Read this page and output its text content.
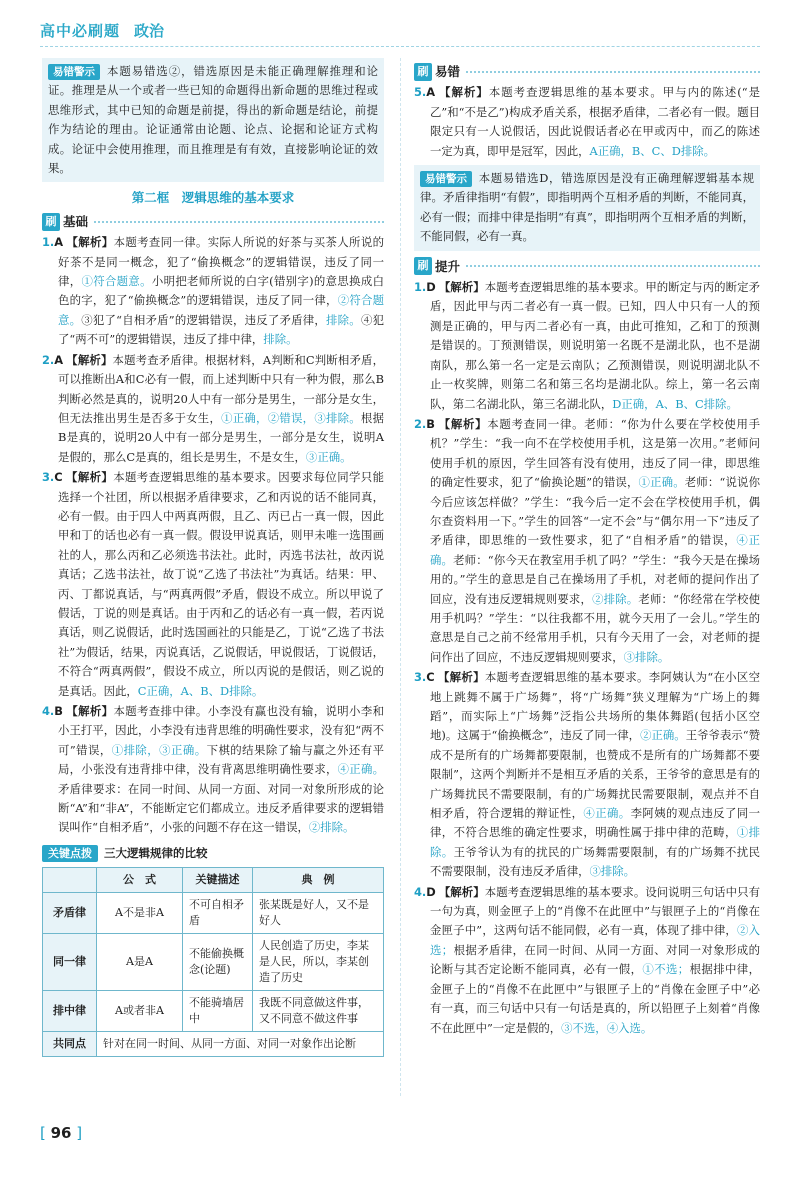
高中必刷题 政治
易错警示 本题易错选②，错选原因是未能正确理解推理和论证。推理是从一个或者一些已知的命题得出新命题的思维过程或思维形式，其中已知的命题是前提，得出的新命题是结论，前提作为结论的理由。论证通常由论题、论点、论据和论证方式构成。论证中会使用推理，而且推理是有有效，直接影响论证的效果。
第二框　逻辑思维的基本要求
刷 基础

1.A 【解析】本题考查同一律。实际人所说的好茶与买茶人所说的好茶不是同一概念，犯了“偷换概念”的逻辑错误，违反了同一律，①符合题意。小明把老师所说的白字(错别字)的意思换成白色的字，犯了“偷换概念”的逻辑错误，违反了同一律，②符合题意。③犯了“自相矛盾”的逻辑错误，违反了矛盾律，排除。④犯了“两不可”的逻辑错误，违反了排中律，排除。

2.A 【解析】本题考查矛盾律。根据材料，A判断和C判断相矛盾，可以推断出A和C必有一假，而上述判断中只有一种为假，那么B判断必然是真的，说明20人中有一部分是男生，一部分是女生，但无法推出男生是否多于女生，①正确，②错误，③排除。根据B是真的，说明20人中有一部分是男生，一部分是女生，说明A是假的，那么C是真的，组长是男生，不是女生，③正确。

3.C 【解析】本题考查逻辑思维的基本要求。因要求每位同学只能选择一个社团，所以根据矛盾律要求，乙和丙说的话不能同真，必有一假。由于四人中两真两假，且乙、丙已占一真一假，因此甲和丁的话也必有一真一假。假设甲说真话，则甲未唯一选围画社的人，那么丙和乙必须选书法社。此时，丙选书法社，故丙说真话；乙选书法社，故丁说“乙选了书法社”为真话。结果：甲、丙、丁都说真话，与“两真两假”矛盾，假设不成立。所以甲说了假话，丁说的则是真话。由于丙和乙的话必有一真一假，若丙说真话，则乙说假话，此时选国画社的只能是乙，丁说“乙选了书法社”为假话，结果，丙说真话，乙说假话，甲说假话，丁说假话，不符合“两真两假”，假设不成立，所以丙说的是假话，则乙说的是真话。因此，C正确，A、B、D排除。

4.B 【解析】本题考查排中律。小李没有赢也没有输，说明小李和小王打平，因此，小李没有违背思维的明确性要求，没有犯“两不可”错误，①排除，③正确。下棋的结果除了输与赢之外还有平局，小张没有违背排中律，没有背离思维明确性要求，④正确。矛盾律要求：在同一时间、从同一方面、对同一对象所形成的论断“A”和“非A”，不能断定它们都成立。违反矛盾律要求的逻辑错误叫作“自相矛盾”，小张的问题不存在这一错误，②排除。

关键点拨	三大逻辑规律的比较
	公　式	关键描述	典　例
矛盾律	A不是非A	不可自相矛盾	张某既是好人，又不是好人
同一律	A是A	不能偷换概念(论题)	人民创造了历史，李某是人民，所以，李某创造了历史
排中律	A或者非A	不能骑墙居中	我既不同意做这件事，又不同意不做这件事
共同点	针对在同一时间、从同一方面、对同一对象作出论断		
刷 易错

5.A 【解析】本题考查逻辑思维的基本要求。甲与内的陈述(“是乙”和“不是乙”)构成矛盾关系，根据矛盾律，二者必有一假。题目限定只有一人说假话，因此说假话者必在甲或丙中，而乙的陈述一定为真，即甲是冠军，因此，A正确，B、C、D排除。

易错警示 本题易错选D，错选原因是没有正确理解逻辑基本规律。矛盾律指明“有假”，即指明两个互相矛盾的判断，不能同真，必有一假；而排中律是指明“有真”，即指明两个互相矛盾的判断，不能同假，必有一真。
刷 提升

1.D 【解析】本题考查逻辑思维的基本要求。甲的断定与丙的断定矛盾，因此甲与丙二者必有一真一假。已知，四人中只有一人的预测是正确的，甲与丙二者必有一真，由此可推知，乙和丁的预测是错误的。丁预测错误，则说明第一名既不是湖北队，也不是湖南队，那么第一名一定是云南队；乙预测错误，则说明湖北队不止一枚奖牌，则第二名和第三名均是湖北队。综上，第一名云南队，第二名湖北队，第三名湖北队，D正确，A、B、C排除。

2.B 【解析】本题考查同一律。老师：“你为什么要在学校使用手机？”学生：“我一向不在学校使用手机，这是第一次用。”老师问使用手机的原因，学生回答有没有使用，违反了同一律，即思维的确定性要求，犯了“偷换论题”的错误，①正确。老师：“说说你今后应该怎样做？”学生：“我今后一定不会在学校使用手机，偶尔查资料用一下。”学生的回答“一定不会”与“偶尔用一下”违反了矛盾律，即思维的一致性要求，犯了“自相矛盾”的错误，④正确。老师：“你今天在教室用手机了吗？”学生：“我今天是在操场用的。”学生的意思是自己在操场用了手机，对老师的提问作出了回应，没有违反逻辑规则要求，②排除。老师：“你经常在学校使用手机吗？”学生：“以往我都不用，就今天用了一会儿。”学生的意思是自己之前不经常用手机，只有今天用了一会，对老师的提问作出了回应，不违反逻辑规则要求，③排除。

3.C 【解析】本题考查逻辑思维的基本要求。李阿姨认为“在小区空地上跳舞不属于广场舞”，将“广场舞”狭义理解为“广场上的舞蹈”，而实际上“广场舞”泛指公共场所的集体舞蹈(包括小区空地)。这属于“偷换概念”，违反了同一律，②正确。王爷爷表示“赞成不是所有的广场舞都要限制，也赞成不是所有的广场舞都不要限制”，这两个判断并不是相互矛盾的关系，王爷爷的意思是有的广场舞扰民不需要限制，有的广场舞扰民需要限制，观点并不自相矛盾，符合逻辑的辩证性，④正确。李阿姨的观点违反了同一律，不符合思维的确定性要求，明确性属于排中律的范畴，①排除。王爷爷认为有的扰民的广场舞需要限制，有的广场舞不扰民不需要限制，没有违反矛盾律，③排除。

4.D 【解析】本题考查逻辑思维的基本要求。设问说明三句话中只有一句为真，则金匣子上的“肖像不在此匣中”与银匣子上的“肖像在金匣子中”，这两句话不能同假，必有一真，体现了排中律，②入选；根据矛盾律，在同一时间、从同一方面、对同一对象形成的论断与其否定论断不能同真，必有一假，①不选；根据排中律，金匣子上的“肖像不在此匣中”与银匣子上的“肖像在金匣子中”必有一真，而三句话中只有一句话是真的，所以铅匣子上刻着“肖像不在此匣中”一定是假的，③不选，④入选。

[ 96 ]
